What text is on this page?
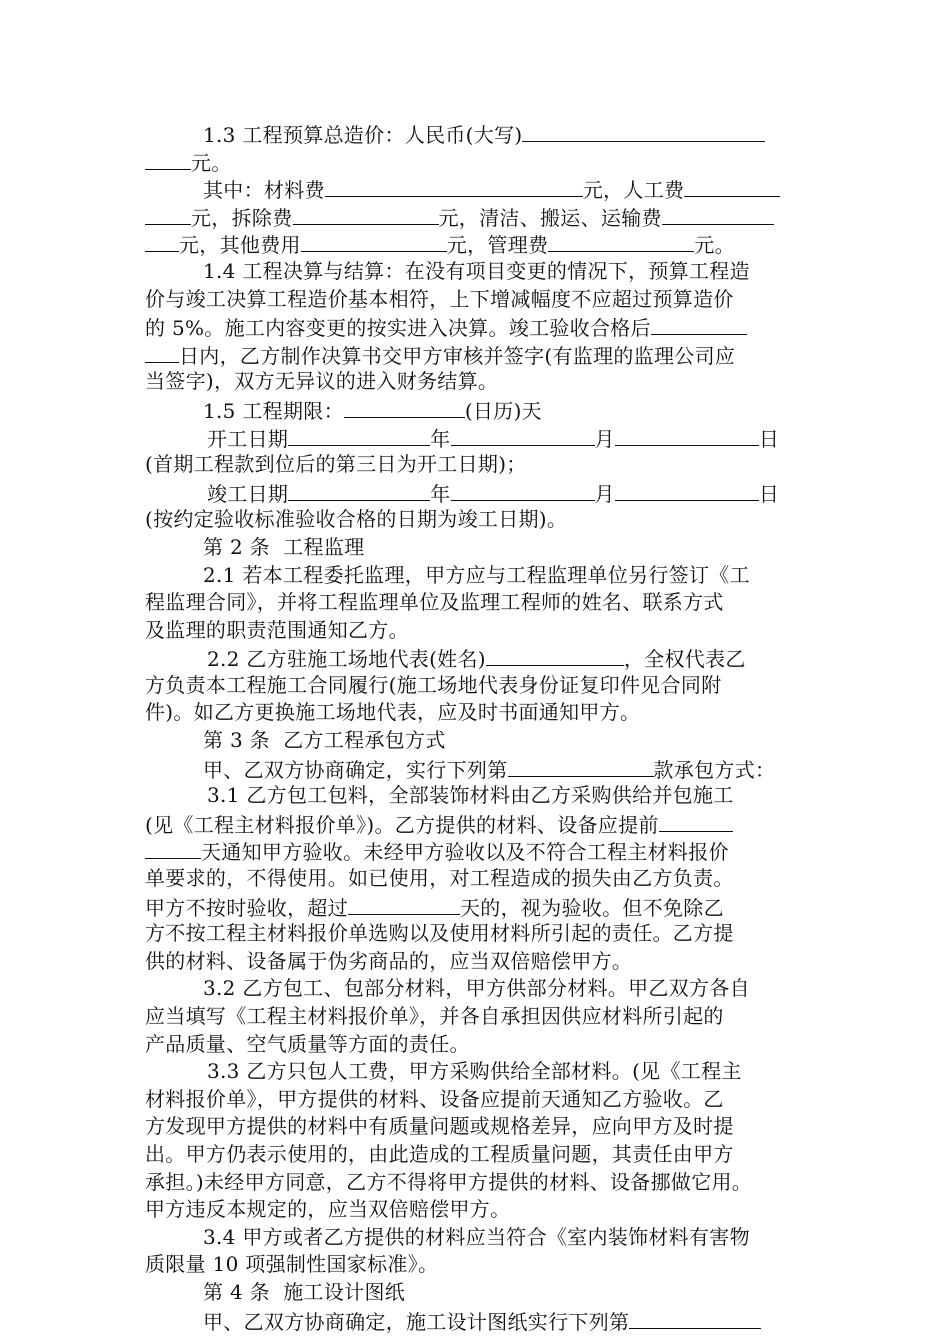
1.3 工程预算总造价：人民币(大写)
元。
其中：材料费	元，人工费
元，拆除费	元，清洁、搬运、运输费
元，其他费用	元，管理费	元。
1.4 工程决算与结算：在没有项目变更的情况下，预算工程造
价与竣工决算工程造价基本相符，上下增减幅度不应超过预算造价
的 5%。施工内容变更的按实进入决算。竣工验收合格后
日内，乙方制作决算书交甲方审核并签字(有监理的监理公司应
当签字)，双方无异议的进入财务结算。
1.5 工程期限：	(日历)天
开工日期	年	月	日
(首期工程款到位后的第三日为开工日期)；
竣工日期	年	月	日
(按约定验收标准验收合格的日期为竣工日期)。
第 2 条  工程监理
2.1 若本工程委托监理，甲方应与工程监理单位另行签订《工
程监理合同》，并将工程监理单位及监理工程师的姓名、联系方式
及监理的职责范围通知乙方。
2.2 乙方驻施工场地代表(姓名)	，全权代表乙
方负责本工程施工合同履行(施工场地代表身份证复印件见合同附
件)。如乙方更换施工场地代表，应及时书面通知甲方。
第 3 条  乙方工程承包方式
甲、乙双方协商确定，实行下列第	款承包方式：
3.1 乙方包工包料，全部装饰材料由乙方采购供给并包施工
(见《工程主材料报价单》)。乙方提供的材料、设备应提前
天通知甲方验收。未经甲方验收以及不符合工程主材料报价
单要求的，不得使用。如已使用，对工程造成的损失由乙方负责。
甲方不按时验收，超过	天的，视为验收。但不免除乙
方不按工程主材料报价单选购以及使用材料所引起的责任。乙方提
供的材料、设备属于伪劣商品的，应当双倍赔偿甲方。
3.2 乙方包工、包部分材料，甲方供部分材料。甲乙双方各自
应当填写《工程主材料报价单》，并各自承担因供应材料所引起的
产品质量、空气质量等方面的责任。
3.3 乙方只包人工费，甲方采购供给全部材料。(见《工程主
材料报价单》，甲方提供的材料、设备应提前天通知乙方验收。乙
方发现甲方提供的材料中有质量问题或规格差异，应向甲方及时提
出。甲方仍表示使用的，由此造成的工程质量问题，其责任由甲方
承担。)未经甲方同意，乙方不得将甲方提供的材料、设备挪做它用。
甲方违反本规定的，应当双倍赔偿甲方。
3.4 甲方或者乙方提供的材料应当符合《室内装饰材料有害物
质限量 10 项强制性国家标准》。
第 4 条  施工设计图纸
甲、乙双方协商确定，施工设计图纸实行下列第
